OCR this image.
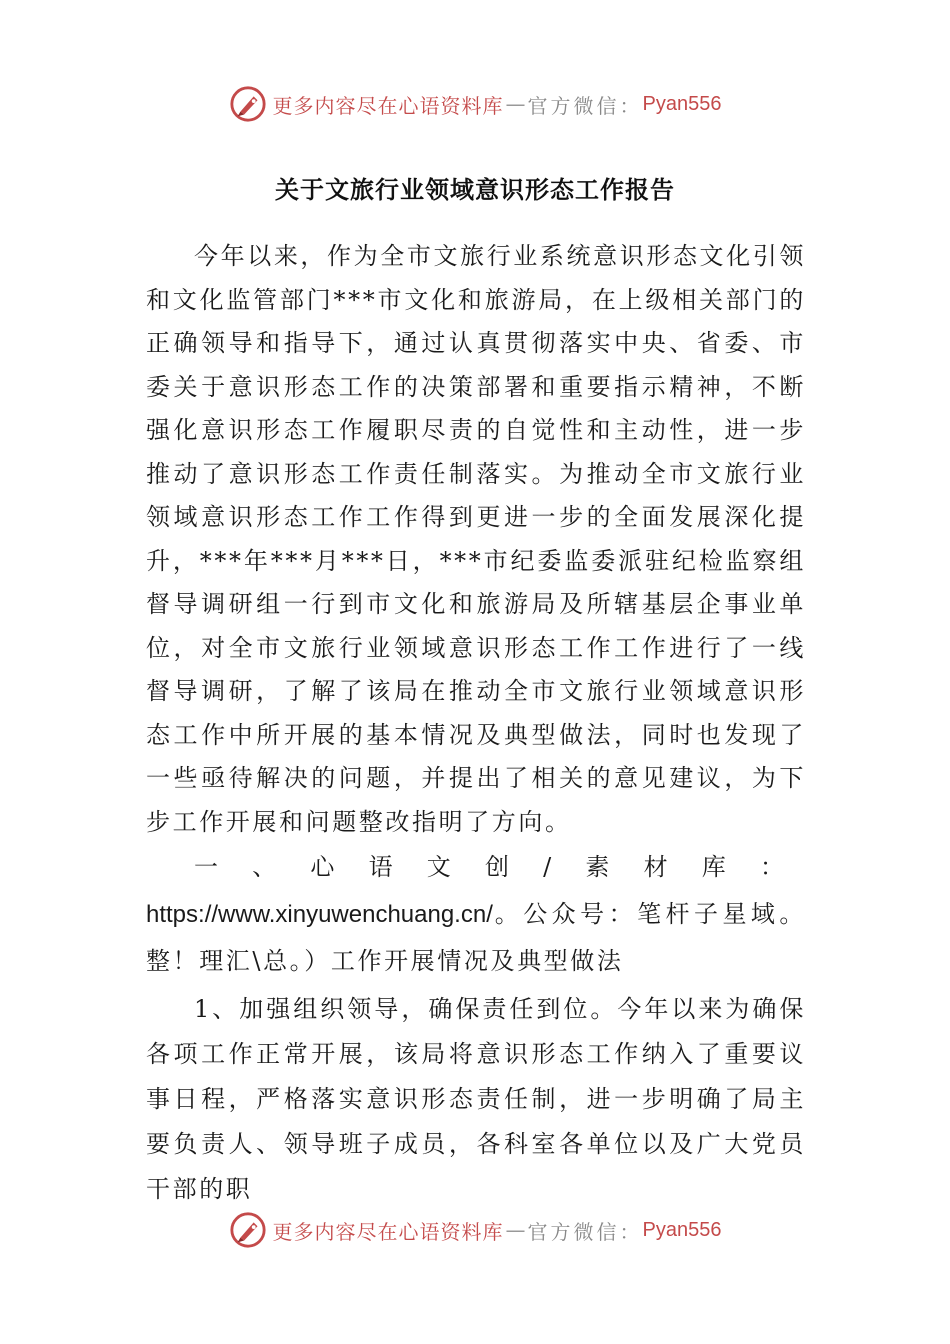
更多内容尽在心语资料库 — 官方微信： Pyan556
关于文旅行业领域意识形态工作报告

今年以来，作为全市文旅行业系统意识形态文化引领和文化监管部门***市文化和旅游局，在上级相关部门的正确领导和指导下，通过认真贯彻落实中央、省委、市委关于意识形态工作的决策部署和重要指示精神，不断强化意识形态工作履职尽责的自觉性和主动性，进一步推动了意识形态工作责任制落实。为推动全市文旅行业领域意识形态工作工作得到更进一步的全面发展深化提升，***年***月***日，***市纪委监委派驻纪检监察组督导调研组一行到市文化和旅游局及所辖基层企事业单位，对全市文旅行业领域意识形态工作工作进行了一线督导调研，了解了该局在推动全市文旅行业领域意识形态工作中所开展的基本情况及典型做法，同时也发现了一些亟待解决的问题，并提出了相关的意见建议，为下步工作开展和问题整改指明了方向。

一、心语文创/素材库：https://www.xinyuwenchuang.cn/。公众号：笔杆子星域。整！理汇\总。）工作开展情况及典型做法

1、加强组织领导，确保责任到位。今年以来为确保各项工作正常开展，该局将意识形态工作纳入了重要议事日程，严格落实意识形态责任制，进一步明确了局主要负责人、领导班子成员，各科室各单位以及广大党员干部的职

更多内容尽在心语资料库 — 官方微信： Pyan556
